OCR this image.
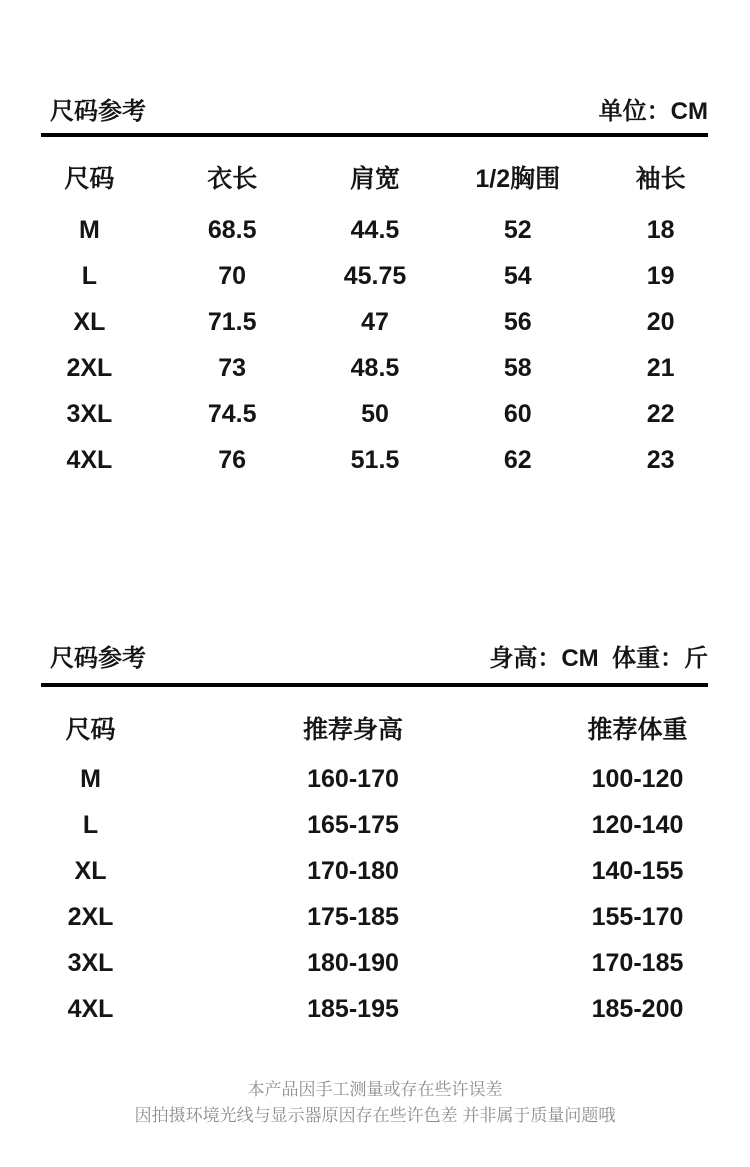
尺码参考	单位：CM
尺码	衣长	肩宽	1/2胸围	袖长
M	68.5	44.5	52	18
L	70	45.75	54	19
XL	71.5	47	56	20
2XL	73	48.5	58	21
3XL	74.5	50	60	22
4XL	76	51.5	62	23
尺码参考	身高：CM  体重：斤
尺码	推荐身高	推荐体重
M	160-170	100-120
L	165-175	120-140
XL	170-180	140-155
2XL	175-185	155-170
3XL	180-190	170-185
4XL	185-195	185-200
本产品因手工测量或存在些许误差
因拍摄环境光线与显示器原因存在些许色差 并非属于质量问题哦
